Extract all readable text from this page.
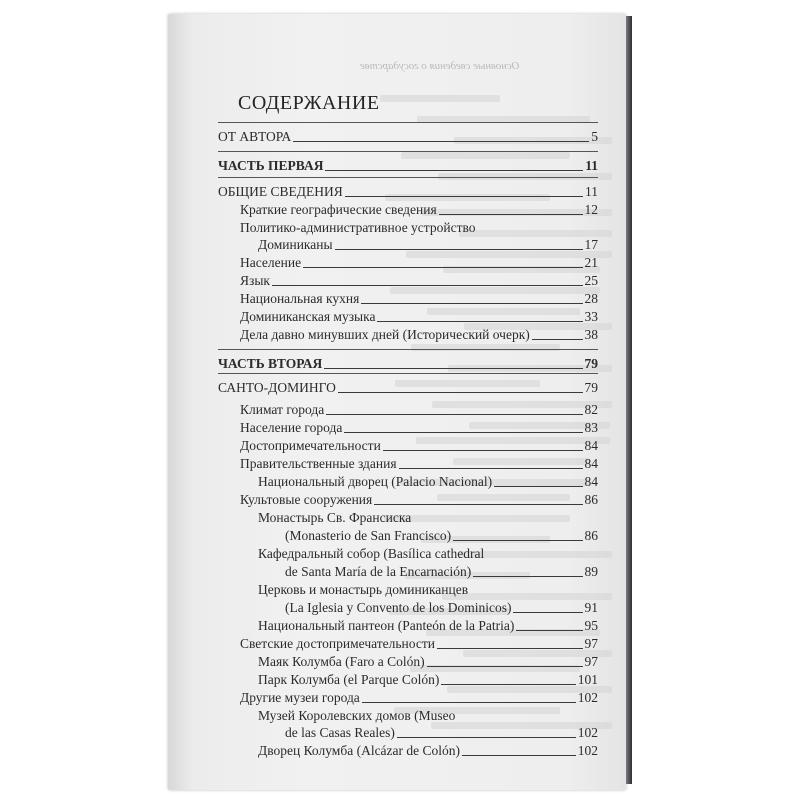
Основные сведения о государстве
СОДЕРЖАНИЕ
ОТ АВТОРА	5
ЧАСТЬ ПЕРВАЯ	11
ОБЩИЕ СВЕДЕНИЯ	11
Краткие географические сведения	12
Политико-административное устройство
Доминиканы	17
Население	21
Язык	25
Национальная кухня	28
Доминиканская музыка	33
Дела давно минувших дней (Исторический очерк)	38
ЧАСТЬ ВТОРАЯ	79
САНТО-ДОМИНГО	79
Климат города	82
Население города	83
Достопримечательности	84
Правительственные здания	84
Национальный дворец (Palacio Nacional)	84
Культовые сооружения	86
Монастырь Св. Франсиска
(Monasterio de San Francisco)	86
Кафедральный собор (Basílica cathedral
de Santa María de la Encarnación)	89
Церковь и монастырь доминиканцев
(La Iglesia y Convento de los Dominicos)	91
Национальный пантеон (Panteón de la Patria)	95
Светские достопримечательности	97
Маяк Колумба (Faro a Colón)	97
Парк Колумба (el Parque Colón)	101
Другие музеи города	102
Музей Королевских домов (Museo
de las Casas Reales)	102
Дворец Колумба (Alcázar de Colón)	102
